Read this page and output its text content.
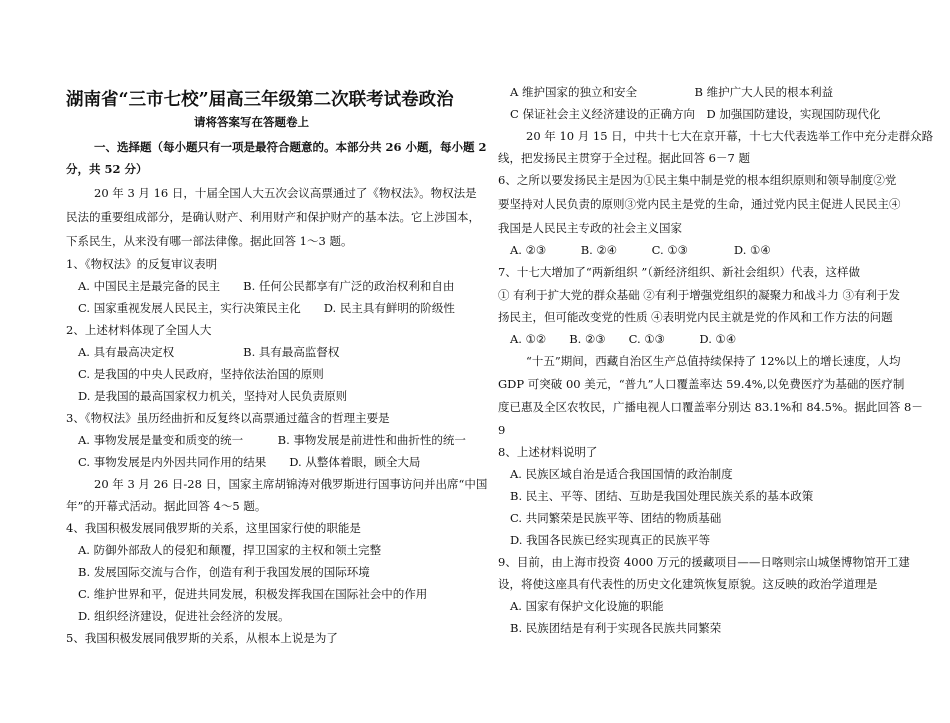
湖南省“三市七校”届高三年级第二次联考试卷政治
请将答案写在答题卷上
一、选择题（每小题只有一项是最符合题意的。本部分共 26 小题，每小题 2
分，共 52 分）
20 年 3 月 16 日，十届全国人大五次会议高票通过了《物权法》。物权法是
民法的重要组成部分，是确认财产、利用财产和保护财产的基本法。它上涉国本，
下系民生，从来没有哪一部法律像。据此回答 1～3 题。
1、《物权法》的反复审议表明
A. 中国民主是最完备的民主　　B. 任何公民都享有广泛的政治权利和自由
C. 国家重视发展人民民主，实行决策民主化　　D. 民主具有鲜明的阶级性
2、上述材料体现了全国人大
A. 具有最高决定权　　　　　　B. 具有最高监督权
C. 是我国的中央人民政府，坚持依法治国的原则
D. 是我国的最高国家权力机关，坚持对人民负责原则
3、《物权法》虽历经曲折和反复终以高票通过蕴含的哲理主要是
A. 事物发展是量变和质变的统一　　　B. 事物发展是前进性和曲折性的统一
C. 事物发展是内外因共同作用的结果　　D. 从整体着眼，顾全大局
20 年 3 月 26 日-28 日，国家主席胡锦涛对俄罗斯进行国事访问并出席“中国
年”的开幕式活动。据此回答 4～5 题。
4、我国积极发展同俄罗斯的关系，这里国家行使的职能是
A. 防御外部敌人的侵犯和颠覆，捍卫国家的主权和领土完整
B. 发展国际交流与合作，创造有利于我国发展的国际环境
C. 维护世界和平，促进共同发展，积极发挥我国在国际社会中的作用
D. 组织经济建设，促进社会经济的发展。
5、我国积极发展同俄罗斯的关系，从根本上说是为了
A 维护国家的独立和安全　　　　　B 维护广大人民的根本利益
C 保证社会主义经济建设的正确方向　D 加强国防建设，实现国防现代化
20 年 10 月 15 日，中共十七大在京开幕，十七大代表选举工作中充分走群众路
线，把发扬民主贯穿于全过程。据此回答 6－7 题
6、之所以要发扬民主是因为①民主集中制是党的根本组织原则和领导制度②党
要坚持对人民负责的原则③党内民主是党的生命，通过党内民主促进人民民主④
我国是人民民主专政的社会主义国家
A. ②③　　　B. ②④　　　C. ①③　　　　D. ①④
7、十七大增加了“两新组织 ”（新经济组织、新社会组织）代表，这样做
① 有利于扩大党的群众基础 ②有利于增强党组织的凝聚力和战斗力 ③有利于发
扬民主，但可能改变党的性质 ④表明党内民主就是党的作风和工作方法的问题
A. ①②　　B. ②③　　C. ①③　　　D. ①④
“十五”期间，西藏自治区生产总值持续保持了 12%以上的增长速度，人均
GDP 可突破 00 美元，“普九”人口覆盖率达 59.4%,以免费医疗为基础的医疗制
度已惠及全区农牧民，广播电视人口覆盖率分别达 83.1%和 84.5%。据此回答 8－
9
8、上述材料说明了
A. 民族区域自治是适合我国国情的政治制度
B. 民主、平等、团结、互助是我国处理民族关系的基本政策
C. 共同繁荣是民族平等、团结的物质基础
D. 我国各民族已经实现真正的民族平等
9、目前，由上海市投资 4000 万元的援藏项目——日喀则宗山城堡博物馆开工建
设，将使这座具有代表性的历史文化建筑恢复原貌。这反映的政治学道理是
A. 国家有保护文化设施的职能
B. 民族团结是有利于实现各民族共同繁荣
